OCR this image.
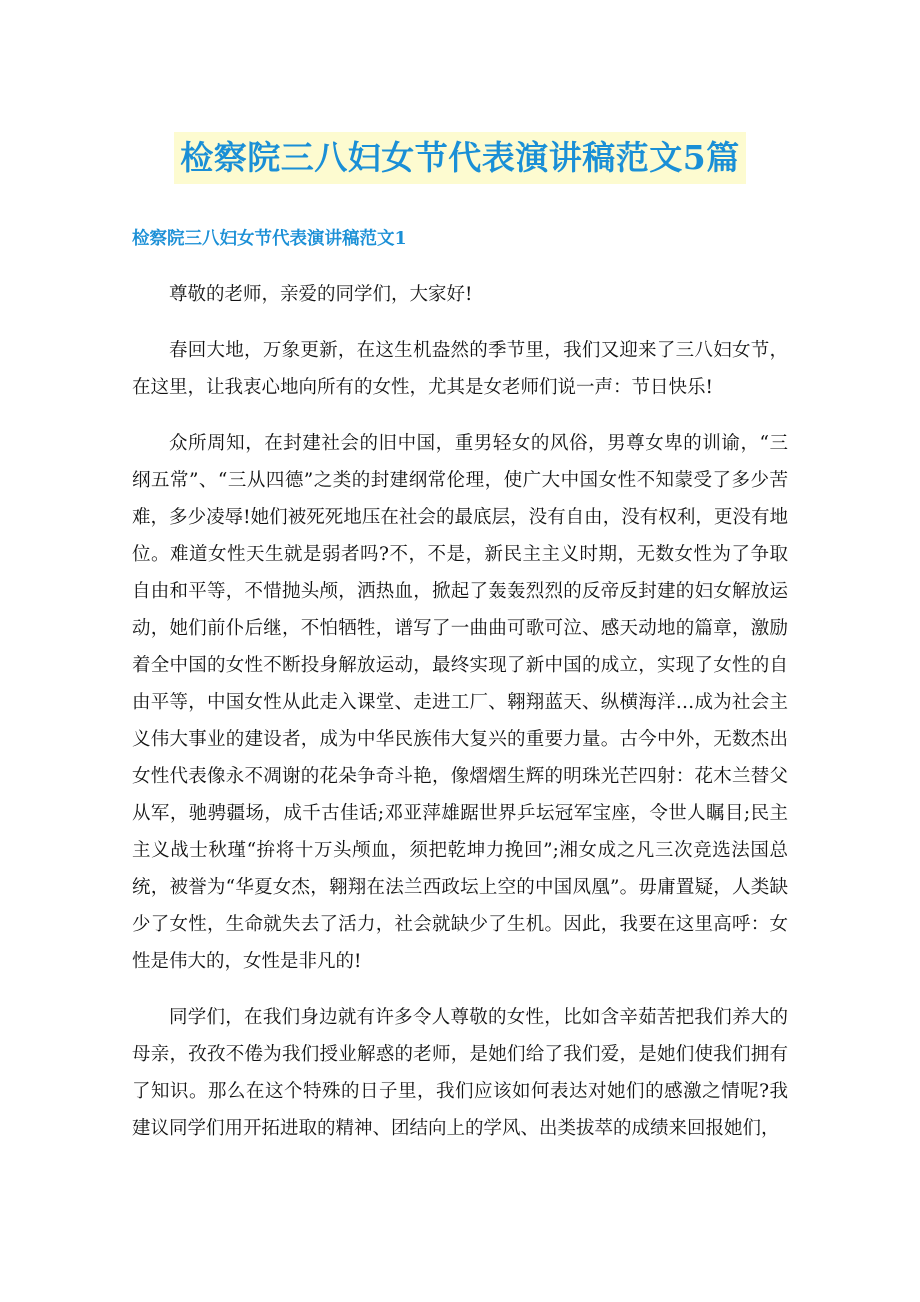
检察院三八妇女节代表演讲稿范文5篇
检察院三八妇女节代表演讲稿范文1

尊敬的老师，亲爱的同学们，大家好!

春回大地，万象更新，在这生机盎然的季节里，我们又迎来了三八妇女节，在这里，让我衷心地向所有的女性，尤其是女老师们说一声：节日快乐!

众所周知，在封建社会的旧中国，重男轻女的风俗，男尊女卑的训谕，“三纲五常”、“三从四德”之类的封建纲常伦理，使广大中国女性不知蒙受了多少苦难，多少凌辱!她们被死死地压在社会的最底层，没有自由，没有权利，更没有地位。难道女性天生就是弱者吗?不，不是，新民主主义时期，无数女性为了争取自由和平等，不惜抛头颅，洒热血，掀起了轰轰烈烈的反帝反封建的妇女解放运动，她们前仆后继，不怕牺牲，谱写了一曲曲可歌可泣、感天动地的篇章，激励着全中国的女性不断投身解放运动，最终实现了新中国的成立，实现了女性的自由平等，中国女性从此走入课堂、走进工厂、翱翔蓝天、纵横海洋…成为社会主义伟大事业的建设者，成为中华民族伟大复兴的重要力量。古今中外，无数杰出女性代表像永不凋谢的花朵争奇斗艳，像熠熠生辉的明珠光芒四射：花木兰替父从军，驰骋疆场，成千古佳话;邓亚萍雄踞世界乒坛冠军宝座，令世人瞩目;民主主义战士秋瑾“拚将十万头颅血，须把乾坤力挽回”;湘女成之凡三次竞选法国总统，被誉为“华夏女杰，翱翔在法兰西政坛上空的中国凤凰”。毋庸置疑，人类缺少了女性，生命就失去了活力，社会就缺少了生机。因此，我要在这里高呼：女性是伟大的，女性是非凡的!

同学们，在我们身边就有许多令人尊敬的女性，比如含辛茹苦把我们养大的母亲，孜孜不倦为我们授业解惑的老师，是她们给了我们爱，是她们使我们拥有了知识。那么在这个特殊的日子里，我们应该如何表达对她们的感激之情呢?我建议同学们用开拓进取的精神、团结向上的学风、出类拔萃的成绩来回报她们，
